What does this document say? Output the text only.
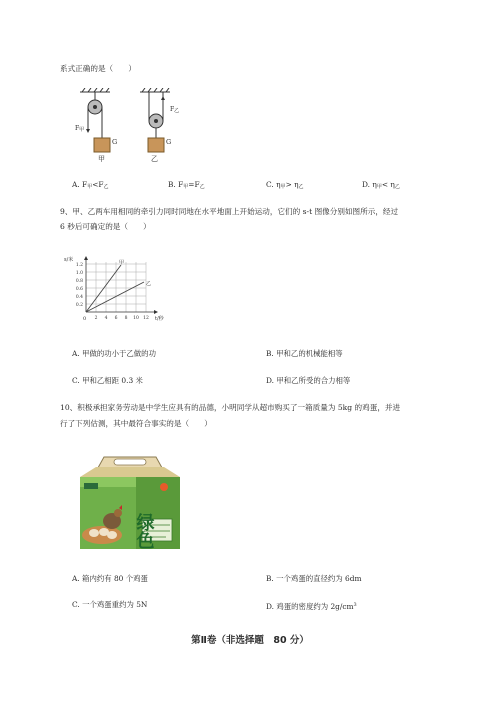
系式正确的是（　　）
$F_甲$
$F_乙$
G	G
甲	乙
A. $F_甲<F_乙$	B. $F_甲=F_乙$	C. $\eta_甲> \eta_乙$	D. $\eta_甲< \eta_乙$
9、甲、乙两车用相同的牵引力同时同地在水平地面上开始运动，它们的 s-t 图像分别如图所示，经过
6 秒后可确定的是（　　）
s/米
t/秒
0
1.2
1.0
0.8
0.6
0.4
0.2
2 4 6 8 10 12
甲
乙
A. 甲做的功小于乙做的功	B. 甲和乙的机械能相等
C. 甲和乙相距 0.3 米	D. 甲和乙所受的合力相等
10、积极承担家务劳动是中学生应具有的品德，小明同学从超市购买了一箱质量为 5kg 的鸡蛋，并进
行了下列估测，其中最符合事实的是（　　）
绿色
A. 箱内约有 80 个鸡蛋	B. 一个鸡蛋的直径约为 6dm
C. 一个鸡蛋重约为 5N	D. 鸡蛋的密度约为 $2g/cm^3$
第Ⅱ卷（非选择题　80 分）
